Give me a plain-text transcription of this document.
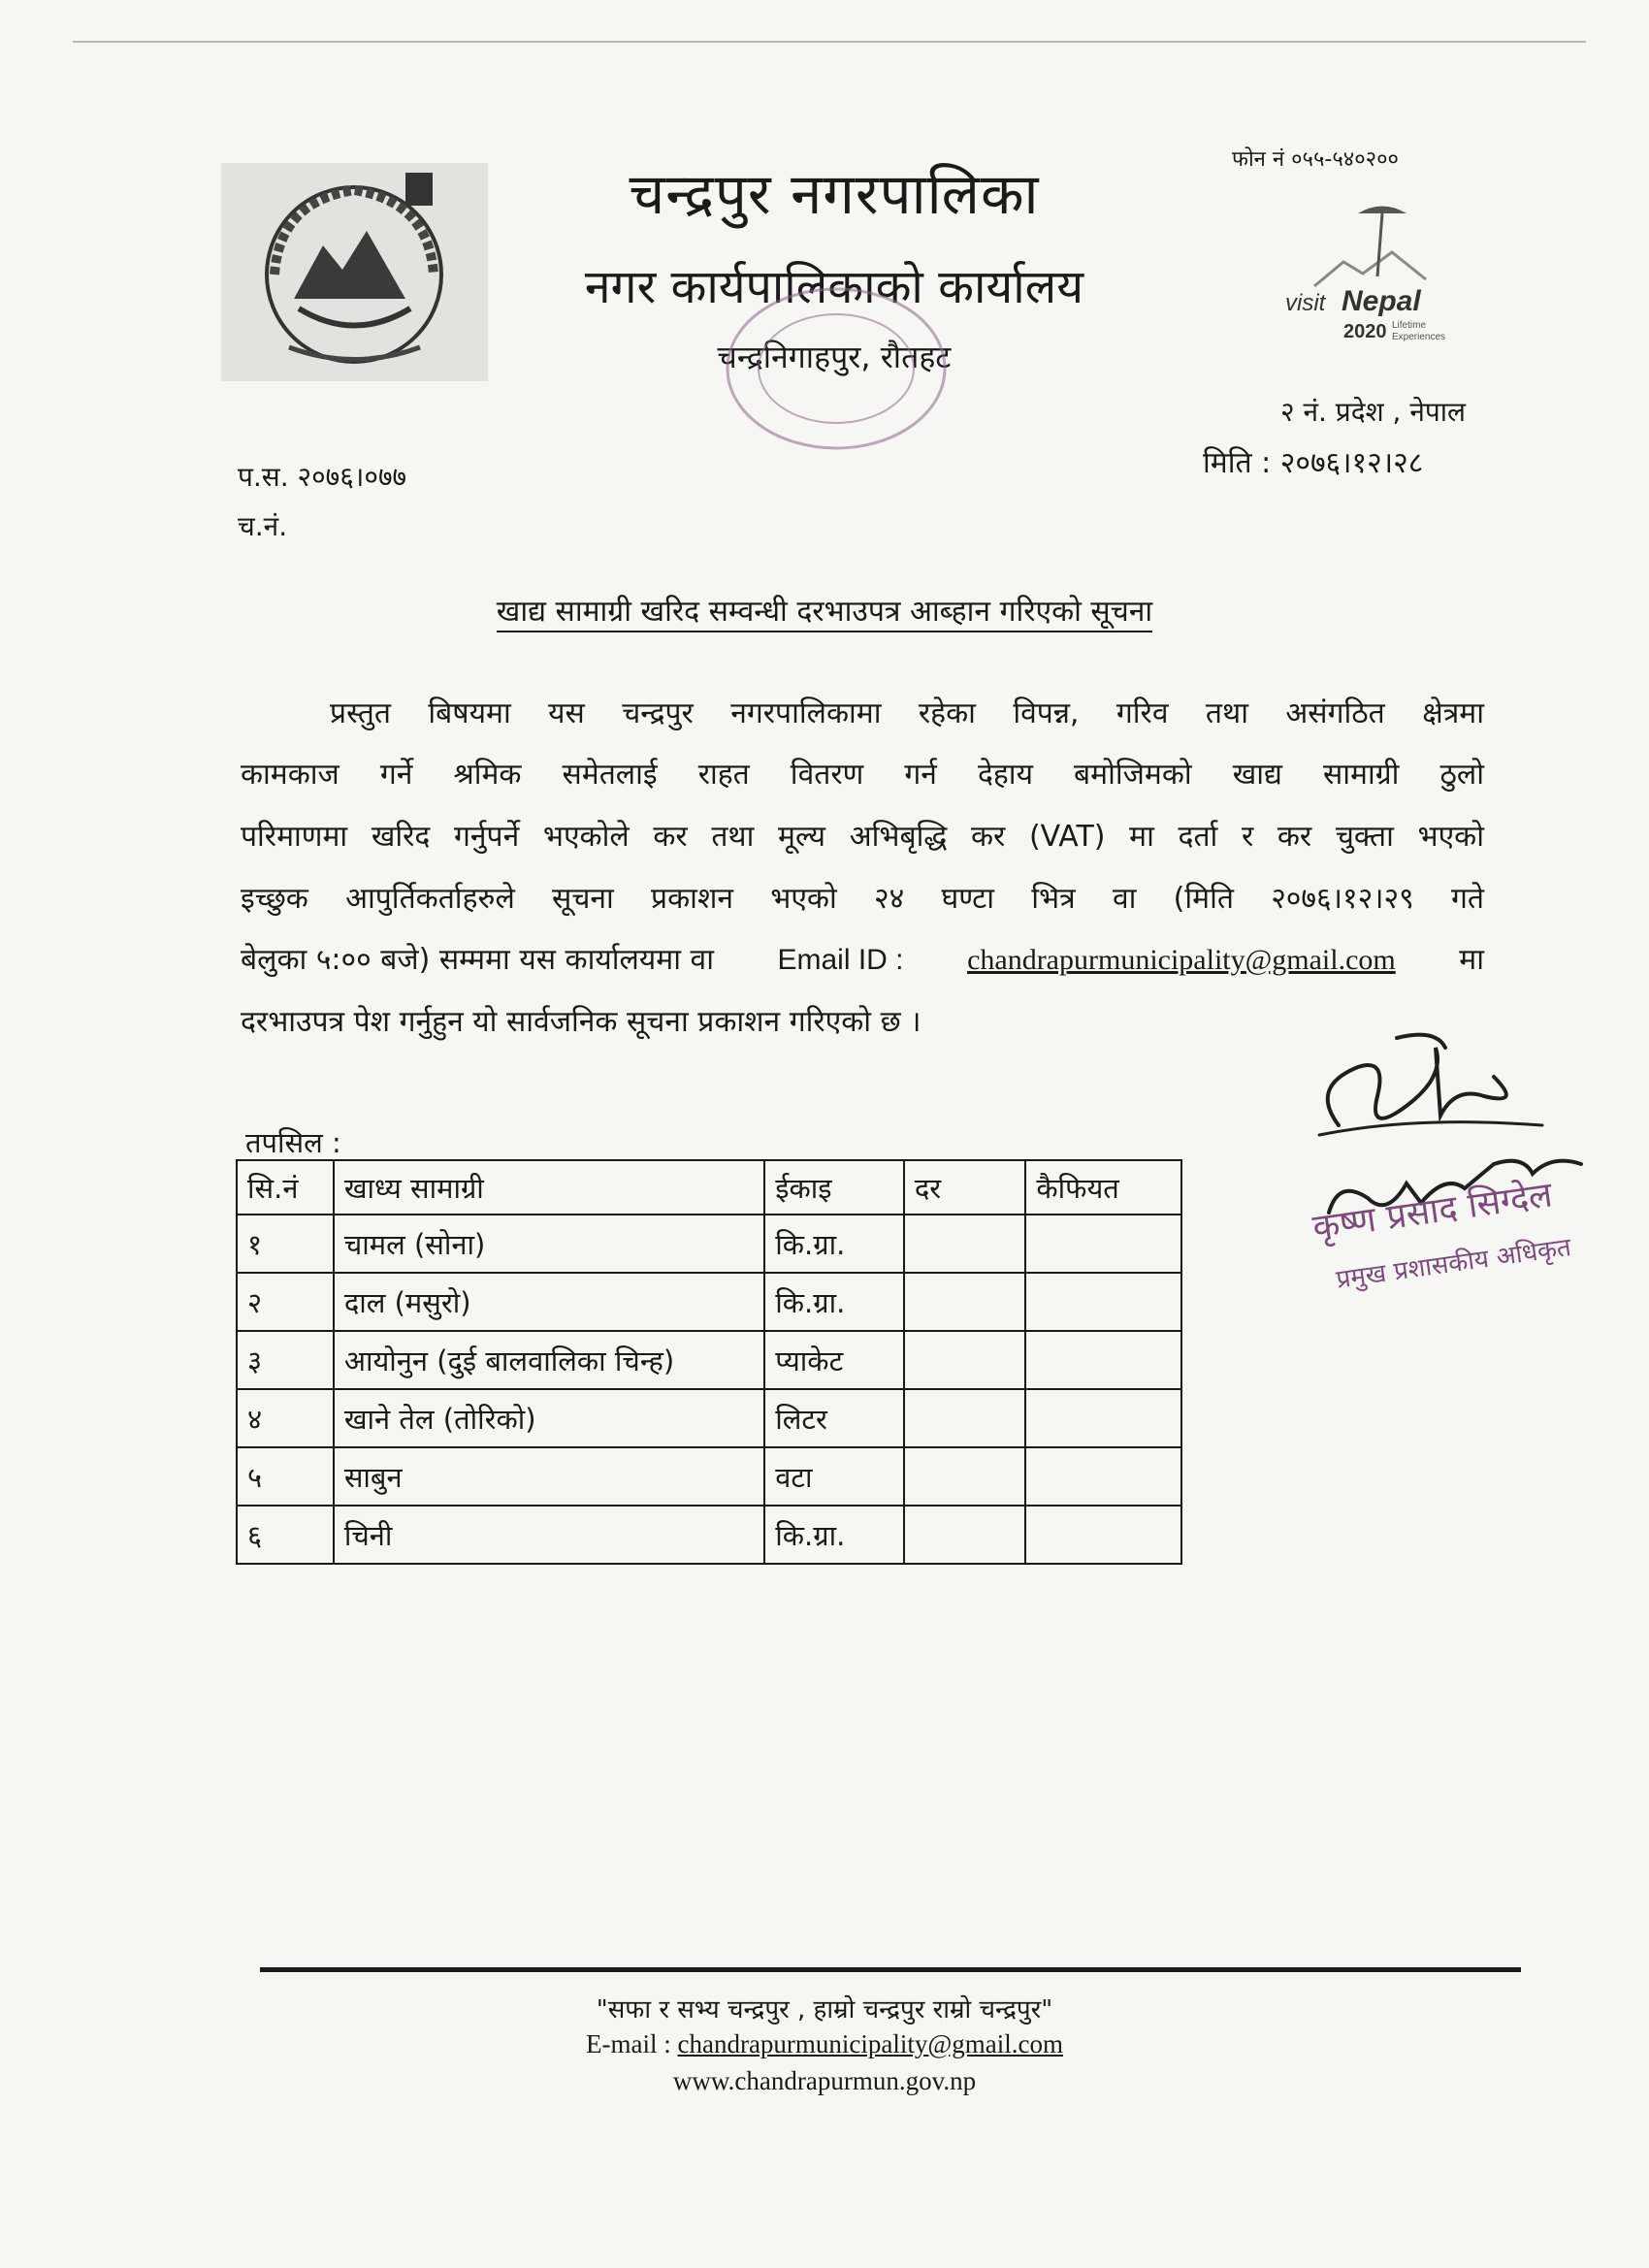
चन्द्रपुर नगरपालिका
नगर कार्यपालिकाको कार्यालय
चन्द्रनिगाहपुर, रौतहट
फोन नं ०५५-५४०२००
visit Nepal
2020 Lifetime
Experiences
२ नं. प्रदेश , नेपाल
मिति : २०७६।१२।२८
प.स. २०७६।०७७
च.नं.
खाद्य सामाग्री खरिद सम्वन्धी दरभाउपत्र आब्हान गरिएको सूचना
प्रस्तुत बिषयमा यस चन्द्रपुर नगरपालिकामा रहेका विपन्न, गरिव तथा असंगठित क्षेत्रमा
कामकाज गर्ने श्रमिक समेतलाई राहत वितरण गर्न देहाय बमोजिमको खाद्य सामाग्री ठुलो
परिमाणमा खरिद गर्नुपर्ने भएकोले कर तथा मूल्य अभिबृद्धि कर (VAT) मा दर्ता र कर चुक्ता भएको
इच्छुक आपुर्तिकर्ताहरुले सूचना प्रकाशन भएको २४ घण्टा भित्र वा (मिति २०७६।१२।२९ गते
बेलुका ५:०० बजे) सम्ममा यस कार्यालयमा वा Email ID : chandrapurmunicipality@gmail.com मा
दरभाउपत्र पेश गर्नुहुन यो सार्वजनिक सूचना प्रकाशन गरिएको छ ।
तपसिल :
सि.नं	खाध्य सामाग्री	ईकाइ	दर	कैफियत
१	चामल (सोना)	कि.ग्रा.		
२	दाल (मसुरो)	कि.ग्रा.		
३	आयोनुन (दुई बालवालिका चिन्ह)	प्याकेट		
४	खाने तेल (तोरिको)	लिटर		
५	साबुन	वटा		
६	चिनी	कि.ग्रा.		
कृष्ण प्रसाद सिग्देल
प्रमुख प्रशासकीय अधिकृत
"सफा र सभ्य चन्द्रपुर , हाम्रो चन्द्रपुर राम्रो चन्द्रपुर"
E-mail : chandrapurmunicipality@gmail.com
www.chandrapurmun.gov.np
